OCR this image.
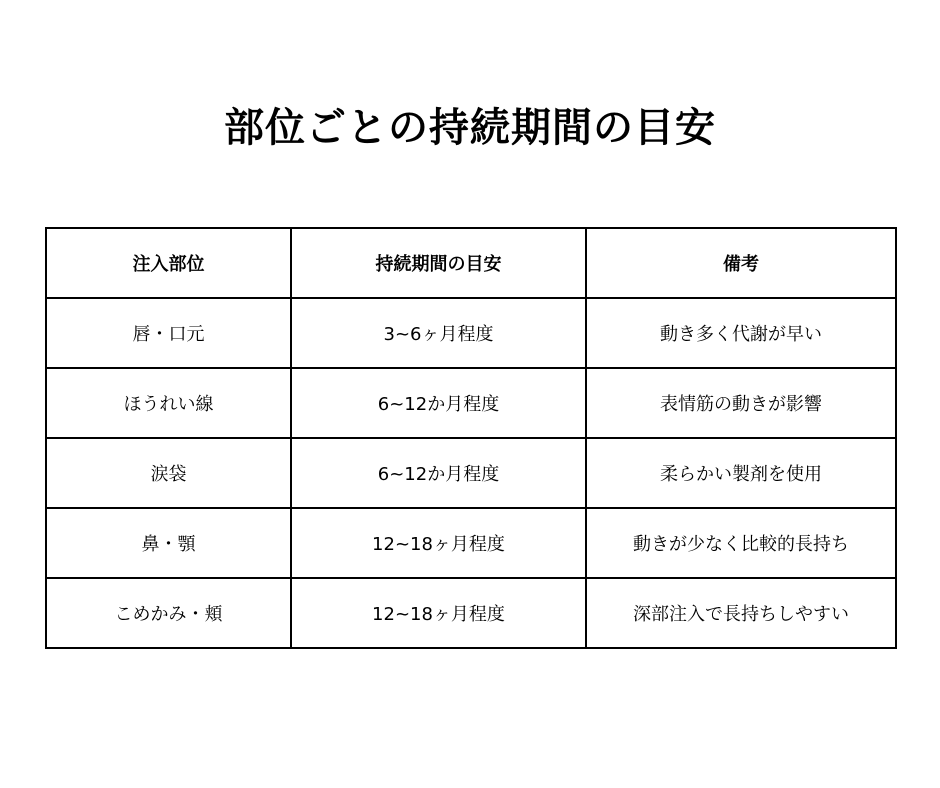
部位ごとの持続期間の目安
注入部位	持続期間の目安	備考
唇・口元	3~6ヶ月程度	動き多く代謝が早い
ほうれい線	6~12か月程度	表情筋の動きが影響
涙袋	6~12か月程度	柔らかい製剤を使用
鼻・顎	12~18ヶ月程度	動きが少なく比較的長持ち
こめかみ・頬	12~18ヶ月程度	深部注入で長持ちしやすい
